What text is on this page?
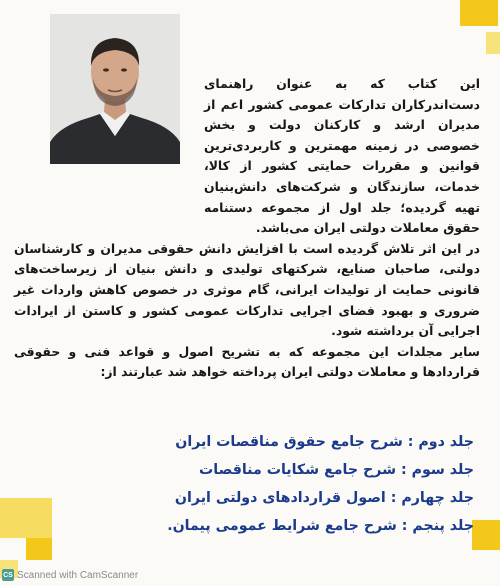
این کتاب که به عنوان راهنمای دست‌اندرکاران تدارکات عمومی کشور اعم از مدیران ارشد و کارکنان دولت و بخش خصوصی در زمینه مهمترین و کاربردی‌ترین قوانین و مقررات حمایتی کشور از کالا، خدمات، سازندگان و شرکت‌های دانش‌بنیان تهیه گردیده؛ جلد اول از مجموعه دستنامه حقوق معاملات دولتی ایران می‌باشد.

در این اثر تلاش گردیده است با افزایش دانش حقوقی مدیران و کارشناسان دولتی، صاحبان صنایع، شرکتهای تولیدی و دانش بنیان از زیرساخت‌های قانونی حمایت از تولیدات ایرانی، گام موثری در خصوص کاهش واردات غیر ضروری و بهبود فضای اجرایی تدارکات عمومی کشور و کاستن از ایرادات اجرایی آن برداشته شود.

سایر مجلدات این مجموعه که به تشریح اصول و قواعد فنی و حقوقی قراردادها و معاملات دولتی ایران پرداخته خواهد شد عبارتند از:

جلد دوم : شرح جامع حقوق مناقصات ایران
جلد سوم : شرح جامع شکایات مناقصات
جلد چهارم : اصول قراردادهای دولتی ایران
جلد پنجم : شرح جامع شرایط عمومی پیمان.
CS Scanned with CamScanner
